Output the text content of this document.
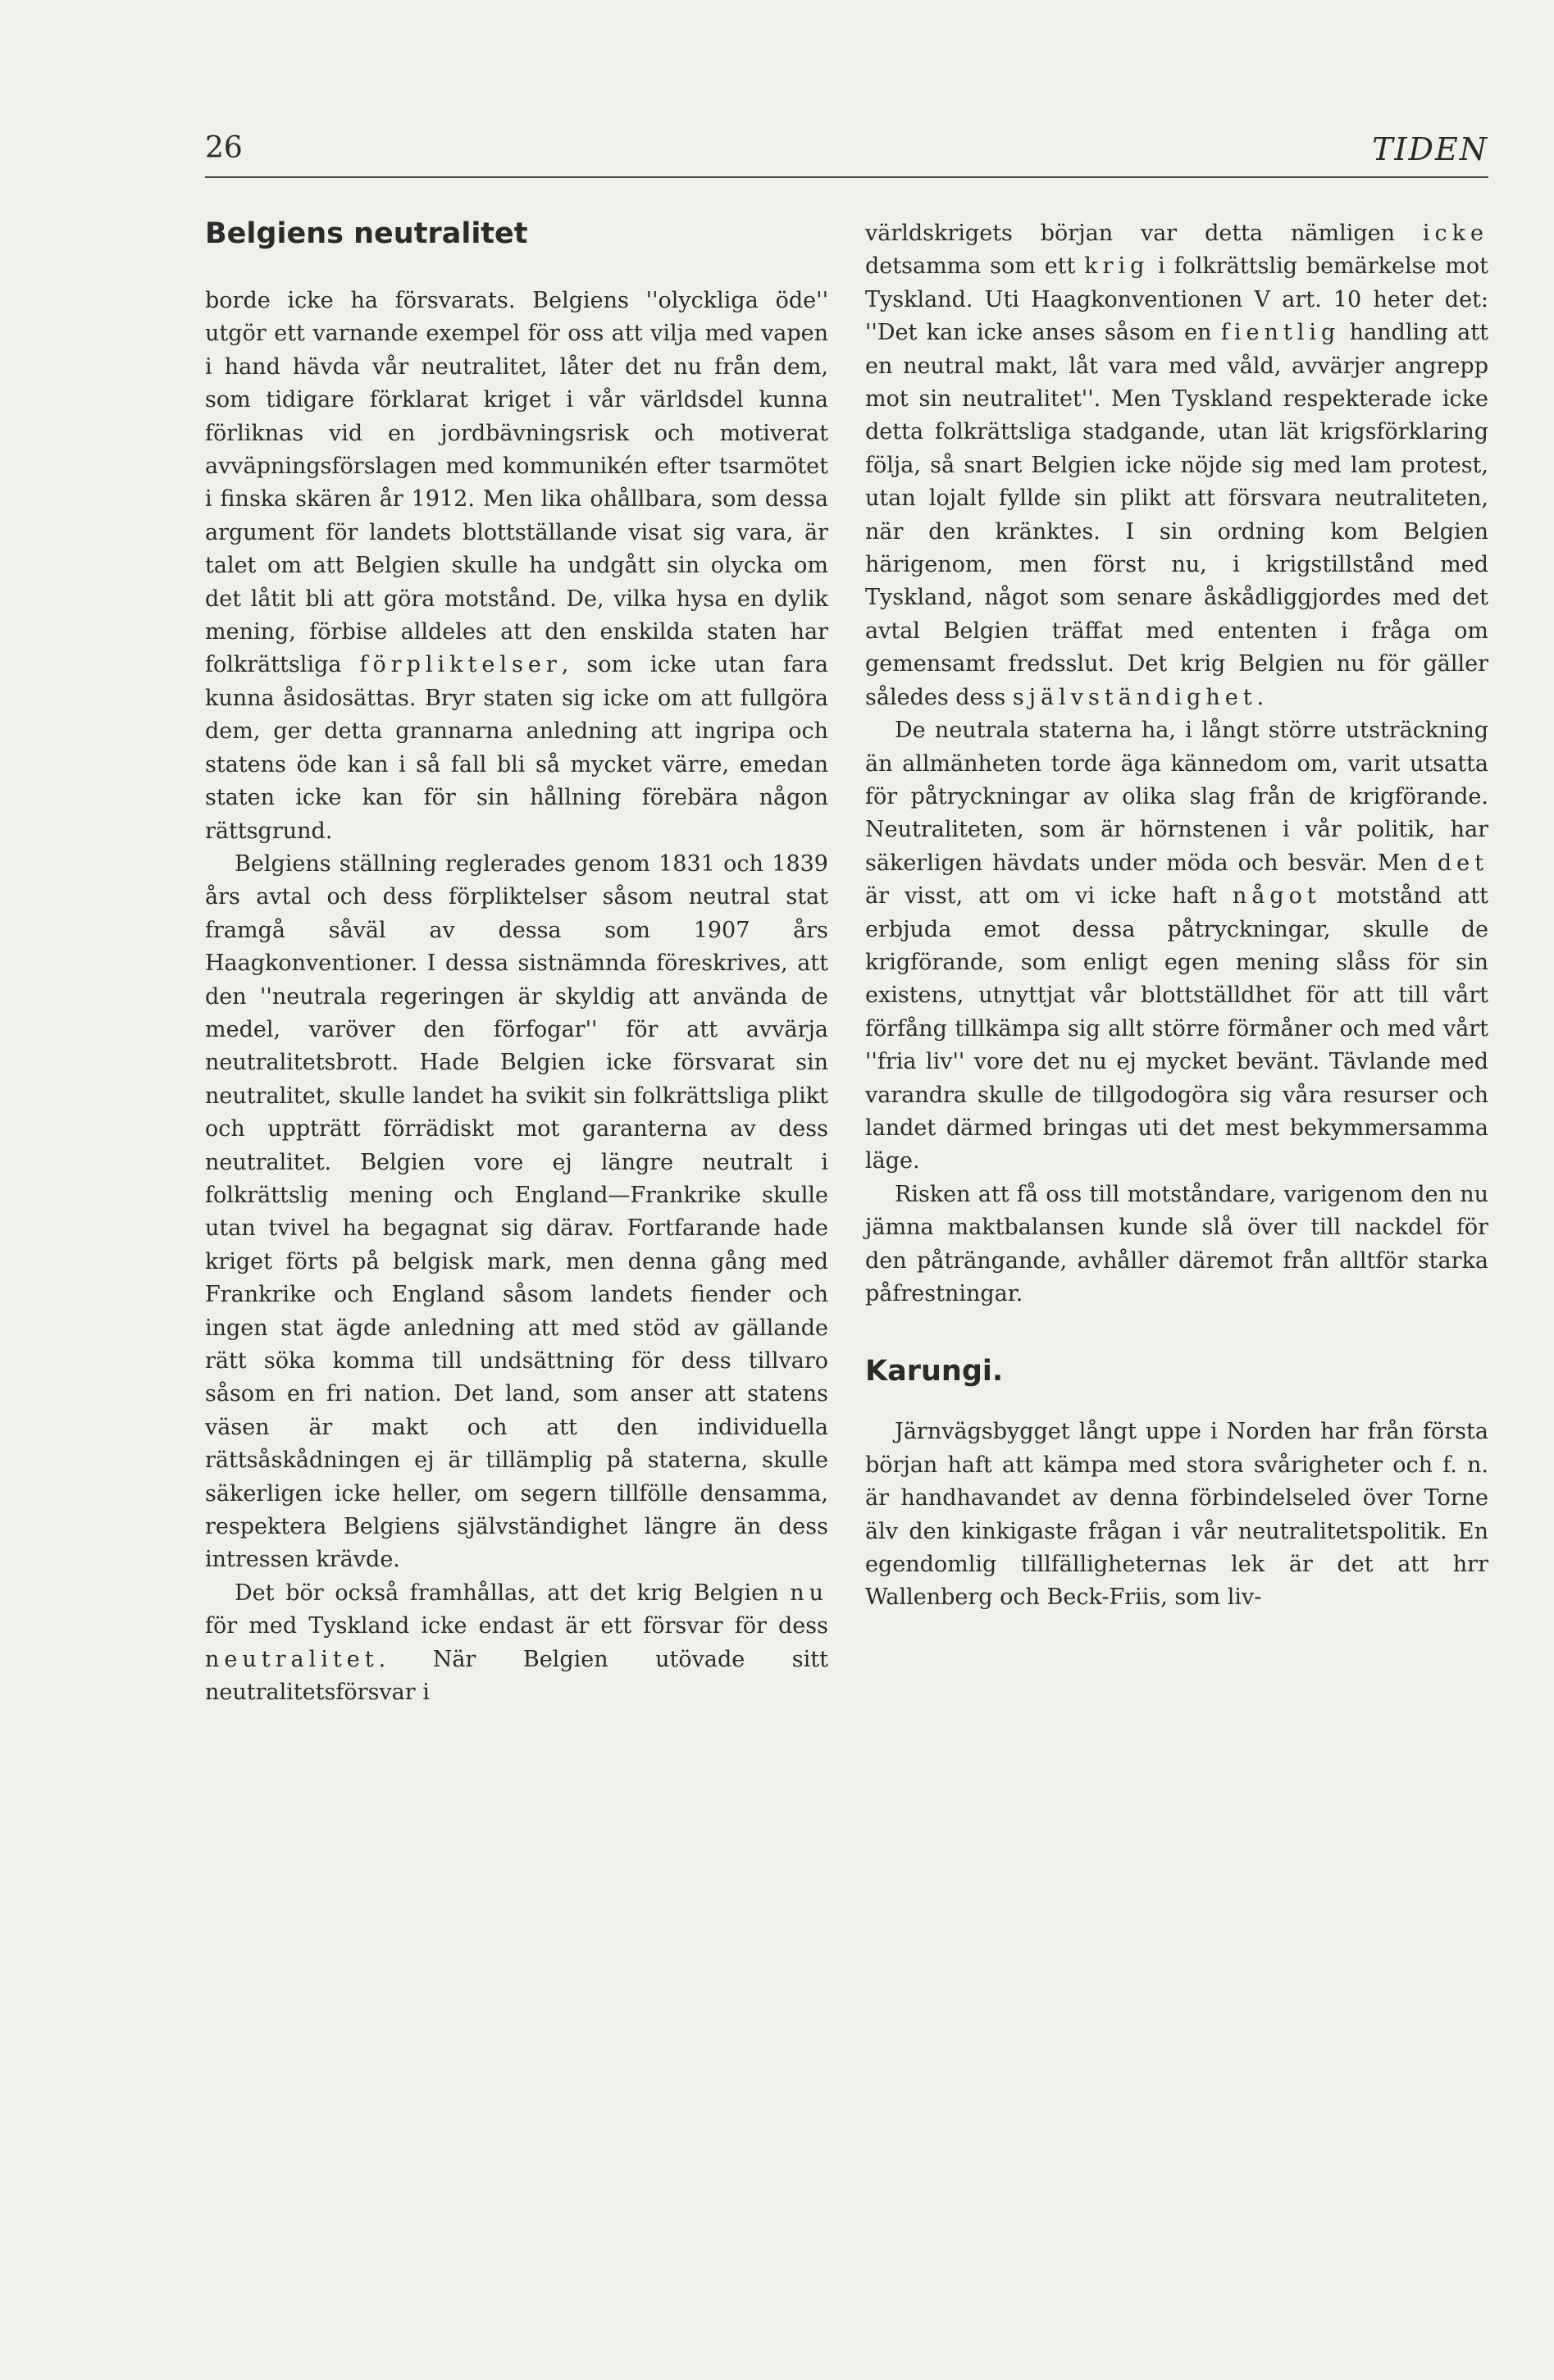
26	TIDEN
Belgiens neutralitet

borde icke ha försvarats. Belgiens ''olyckliga öde'' utgör ett varnande exempel för oss att vilja med vapen i hand hävda vår neutralitet, låter det nu från dem, som tidigare förklarat kriget i vår världsdel kunna förliknas vid en jordbävningsrisk och motiverat avväpningsförslagen med kommunikén efter tsarmötet i finska skären år 1912. Men lika ohållbara, som dessa argument för landets blottställande visat sig vara, är talet om att Belgien skulle ha undgått sin olycka om det låtit bli att göra motstånd. De, vilka hysa en dylik mening, förbise alldeles att den enskilda staten har folkrättsliga förpliktelser, som icke utan fara kunna åsidosättas. Bryr staten sig icke om att fullgöra dem, ger detta grannarna anledning att ingripa och statens öde kan i så fall bli så mycket värre, emedan staten icke kan för sin hållning förebära någon rättsgrund.

Belgiens ställning reglerades genom 1831 och 1839 års avtal och dess förpliktelser såsom neutral stat framgå såväl av dessa som 1907 års Haagkonventioner. I dessa sistnämnda föreskrives, att den ''neutrala regeringen är skyldig att använda de medel, varöver den förfogar'' för att avvärja neutralitetsbrott. Hade Belgien icke försvarat sin neutralitet, skulle landet ha svikit sin folkrättsliga plikt och uppträtt förrädiskt mot garanterna av dess neutralitet. Belgien vore ej längre neutralt i folkrättslig mening och England—Frankrike skulle utan tvivel ha begagnat sig därav. Fortfarande hade kriget förts på belgisk mark, men denna gång med Frankrike och England såsom landets fiender och ingen stat ägde anledning att med stöd av gällande rätt söka komma till undsättning för dess tillvaro såsom en fri nation. Det land, som anser att statens väsen är makt och att den individuella rättsåskådningen ej är tillämplig på staterna, skulle säkerligen icke heller, om segern tillfölle densamma, respektera Belgiens självständighet längre än dess intressen krävde.

Det bör också framhållas, att det krig Belgien nu för med Tyskland icke endast är ett försvar för dess neutralitet. När Belgien utövade sitt neutralitetsförsvar i

världskrigets början var detta nämligen icke detsamma som ett krig i folkrättslig bemärkelse mot Tyskland. Uti Haagkonventionen V art. 10 heter det: ''Det kan icke anses såsom en fientlig handling att en neutral makt, låt vara med våld, avvärjer angrepp mot sin neutralitet''. Men Tyskland respekterade icke detta folkrättsliga stadgande, utan lät krigsförklaring följa, så snart Belgien icke nöjde sig med lam protest, utan lojalt fyllde sin plikt att försvara neutraliteten, när den kränktes. I sin ordning kom Belgien härigenom, men först nu, i krigstillstånd med Tyskland, något som senare åskådliggjordes med det avtal Belgien träffat med ententen i fråga om gemensamt fredsslut. Det krig Belgien nu för gäller således dess självständighet.

De neutrala staterna ha, i långt större utsträckning än allmänheten torde äga kännedom om, varit utsatta för påtryckningar av olika slag från de krigförande. Neutraliteten, som är hörnstenen i vår politik, har säkerligen hävdats under möda och besvär. Men det är visst, att om vi icke haft något motstånd att erbjuda emot dessa påtryckningar, skulle de krigförande, som enligt egen mening slåss för sin existens, utnyttjat vår blottställdhet för att till vårt förfång tillkämpa sig allt större förmåner och med vårt ''fria liv'' vore det nu ej mycket bevänt. Tävlande med varandra skulle de tillgodogöra sig våra resurser och landet därmed bringas uti det mest bekymmersamma läge.

Risken att få oss till motståndare, varigenom den nu jämna maktbalansen kunde slå över till nackdel för den påträngande, avhåller däremot från alltför starka påfrestningar.

Karungi.

Järnvägsbygget långt uppe i Norden har från första början haft att kämpa med stora svårigheter och f. n. är handhavandet av denna förbindelseled över Torne älv den kinkigaste frågan i vår neutralitetspolitik. En egendomlig tillfälligheternas lek är det att hrr Wallenberg och Beck-Friis, som liv-
